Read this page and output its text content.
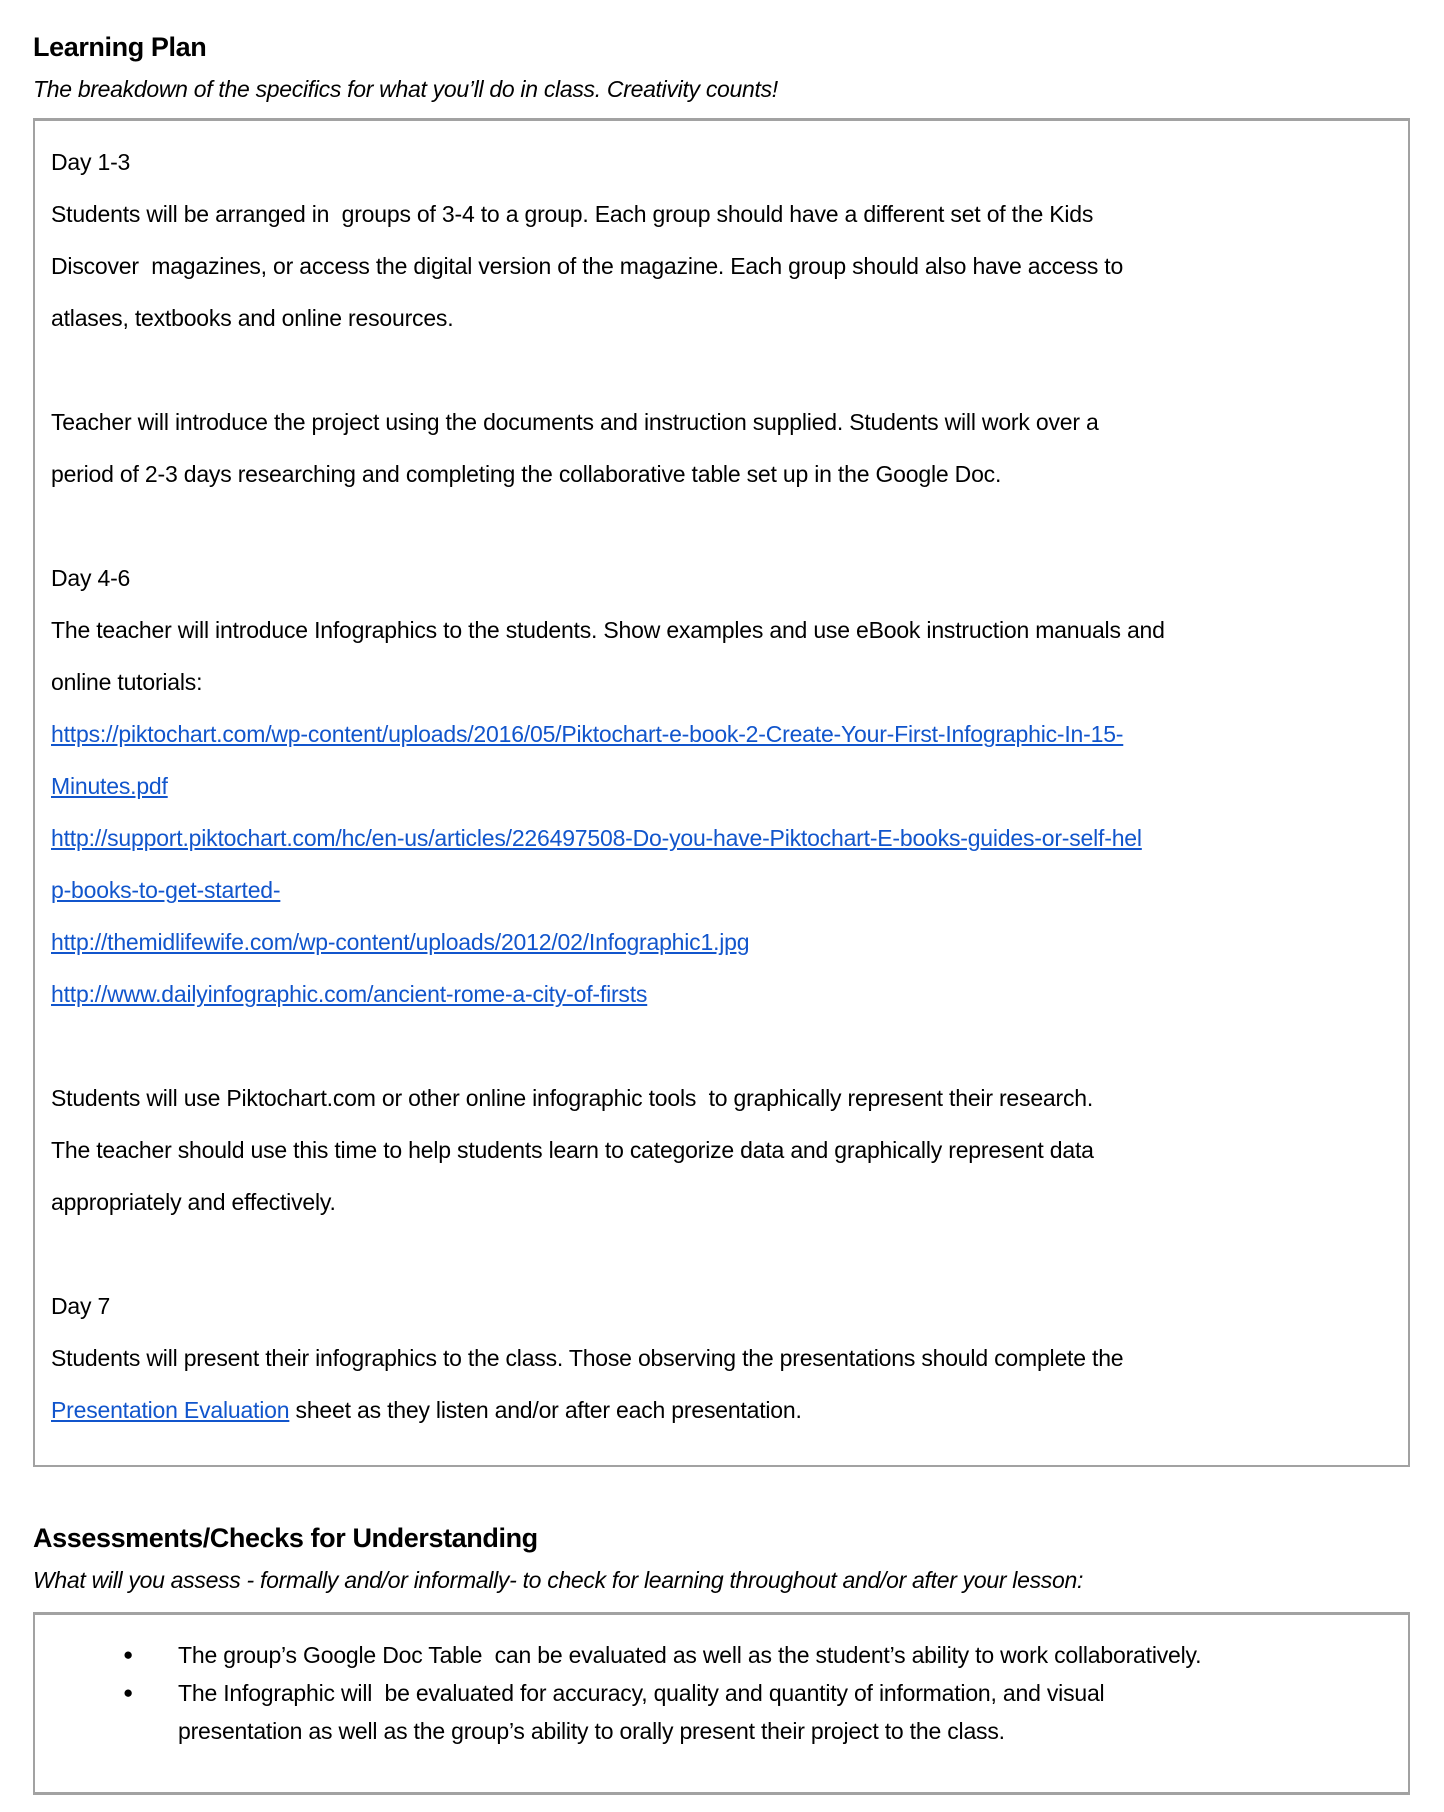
Learning Plan
The breakdown of the specifics for what you’ll do in class. Creativity counts!
Day 1-3
Students will be arranged in  groups of 3-4 to a group. Each group should have a different set of the Kids
Discover  magazines, or access the digital version of the magazine. Each group should also have access to
atlases, textbooks and online resources.
Teacher will introduce the project using the documents and instruction supplied. Students will work over a
period of 2-3 days researching and completing the collaborative table set up in the Google Doc.
Day 4-6
The teacher will introduce Infographics to the students. Show examples and use eBook instruction manuals and
online tutorials:
https://piktochart.com/wp-content/uploads/2016/05/Piktochart-e-book-2-Create-Your-First-Infographic-In-15-
Minutes.pdf
http://support.piktochart.com/hc/en-us/articles/226497508-Do-you-have-Piktochart-E-books-guides-or-self-hel
p-books-to-get-started-
http://themidlifewife.com/wp-content/uploads/2012/02/Infographic1.jpg
http://www.dailyinfographic.com/ancient-rome-a-city-of-firsts
Students will use Piktochart.com or other online infographic tools  to graphically represent their research.
The teacher should use this time to help students learn to categorize data and graphically represent data
appropriately and effectively.
Day 7
Students will present their infographics to the class. Those observing the presentations should complete the
Presentation Evaluation sheet as they listen and/or after each presentation.
Assessments/Checks for Understanding
What will you assess - formally and/or informally- to check for learning throughout and/or after your lesson:
●	The group’s Google Doc Table  can be evaluated as well as the student’s ability to work collaboratively.
●	The Infographic will  be evaluated for accuracy, quality and quantity of information, and visual
presentation as well as the group’s ability to orally present their project to the class.
